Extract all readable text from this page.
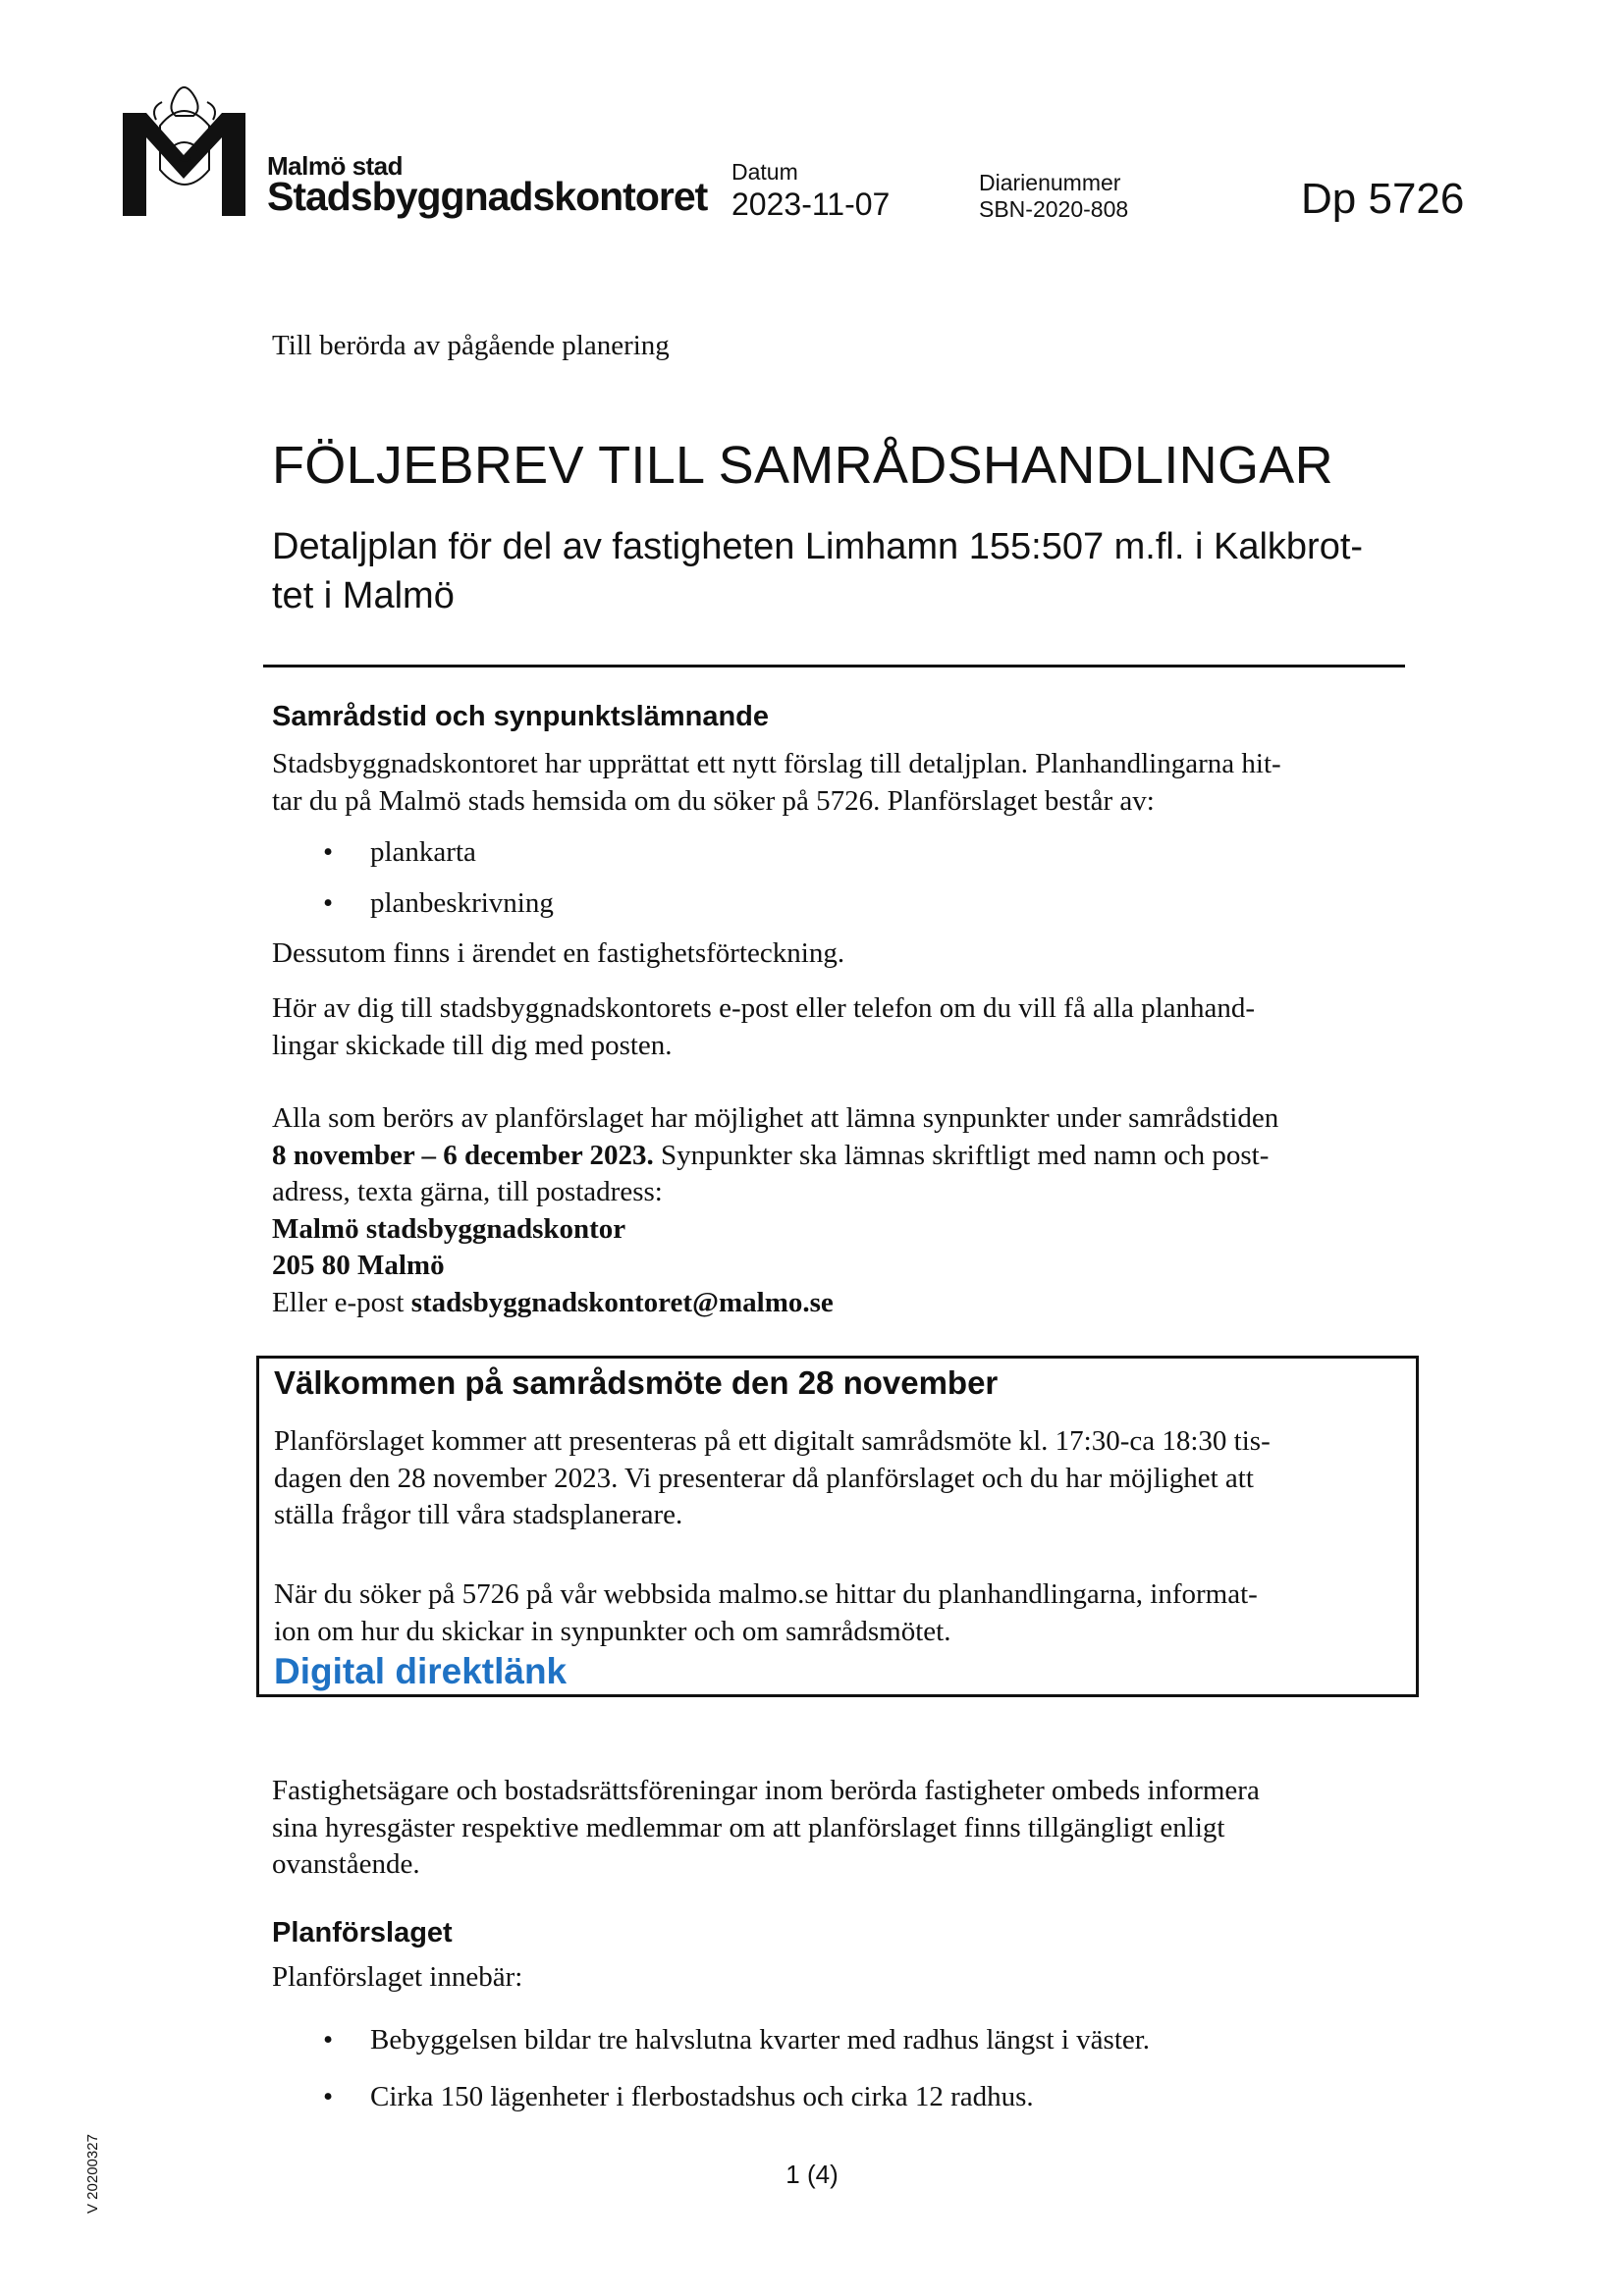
Malmö stad
Stadsbyggnadskontoret
Datum
2023-11-07
Diarienummer
SBN-2020-808	Dp 5726
Till berörda av pågående planering
FÖLJEBREV TILL SAMRÅDSHANDLINGAR
Detaljplan för del av fastigheten Limhamn 155:507 m.fl. i Kalkbrot-
tet i Malmö
Samrådstid och synpunktslämnande
Stadsbyggnadskontoret har upprättat ett nytt förslag till detaljplan. Planhandlingarna hit-
tar du på Malmö stads hemsida om du söker på 5726. Planförslaget består av:
• plankarta
• planbeskrivning
Dessutom finns i ärendet en fastighetsförteckning.
Hör av dig till stadsbyggnadskontorets e-post eller telefon om du vill få alla planhand-
lingar skickade till dig med posten.
Alla som berörs av planförslaget har möjlighet att lämna synpunkter under samrådstiden
8 november – 6 december 2023. Synpunkter ska lämnas skriftligt med namn och post-
adress, texta gärna, till postadress:
Malmö stadsbyggnadskontor
205 80 Malmö
Eller e-post stadsbyggnadskontoret@malmo.se
Välkommen på samrådsmöte den 28 november
Planförslaget kommer att presenteras på ett digitalt samrådsmöte kl. 17:30-ca 18:30 tis-
dagen den 28 november 2023. Vi presenterar då planförslaget och du har möjlighet att
ställa frågor till våra stadsplanerare.
När du söker på 5726 på vår webbsida malmo.se hittar du planhandlingarna, informat-
ion om hur du skickar in synpunkter och om samrådsmötet.
Digital direktlänk
Fastighetsägare och bostadsrättsföreningar inom berörda fastigheter ombeds informera
sina hyresgäster respektive medlemmar om att planförslaget finns tillgängligt enligt
ovanstående.
Planförslaget
Planförslaget innebär:
• Bebyggelsen bildar tre halvslutna kvarter med radhus längst i väster.
• Cirka 150 lägenheter i flerbostadshus och cirka 12 radhus.
1 (4)
V 20200327
